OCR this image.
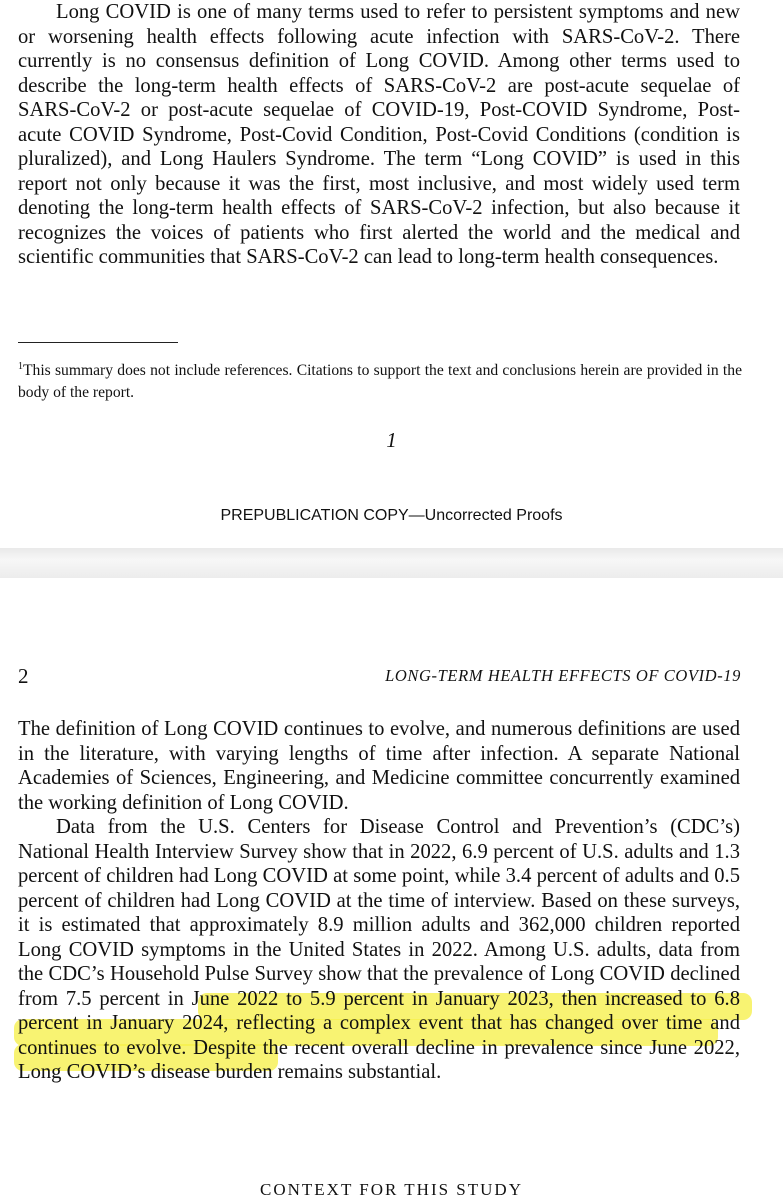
Long COVID is one of many terms used to refer to persistent symptoms and new or worsening health effects following acute infection with SARS-CoV-2. There currently is no consensus definition of Long COVID. Among other terms used to describe the long-term health effects of SARS-CoV-2 are post-acute sequelae of SARS-CoV-2 or post-acute sequelae of COVID-19, Post-COVID Syndrome, Post-acute COVID Syndrome, Post-Covid Condition, Post-Covid Conditions (condition is pluralized), and Long Haulers Syndrome. The term “Long COVID” is used in this report not only because it was the first, most inclusive, and most widely used term denoting the long-term health effects of SARS-CoV-2 infection, but also because it recognizes the voices of patients who first alerted the world and the medical and scientific communities that SARS-CoV-2 can lead to long-term health consequences.

$^1$This summary does not include references. Citations to support the text and conclusions herein are provided in the body of the report.

1
PREPUBLICATION COPY—Uncorrected Proofs
2	LONG-TERM HEALTH EFFECTS OF COVID-19

The definition of Long COVID continues to evolve, and numerous definitions are used in the literature, with varying lengths of time after infection. A separate National Academies of Sciences, Engineering, and Medicine committee concurrently examined the working definition of Long COVID.

Data from the U.S. Centers for Disease Control and Prevention’s (CDC’s) National Health Interview Survey show that in 2022, 6.9 percent of U.S. adults and 1.3 percent of children had Long COVID at some point, while 3.4 percent of adults and 0.5 percent of children had Long COVID at the time of interview. Based on these surveys, it is estimated that approximately 8.9 million adults and 362,000 children reported Long COVID symptoms in the United States in 2022. Among U.S. adults, data from the CDC’s Household Pulse Survey show that the prevalence of Long COVID declined from 7.5 percent in June 2022 to 5.9 percent in January 2023, then increased to 6.8 percent in January 2024, reflecting a complex event that has changed over time and continues to evolve. Despite the recent overall decline in prevalence since June 2022, Long COVID’s disease burden remains substantial.

CONTEXT FOR THIS STUDY
